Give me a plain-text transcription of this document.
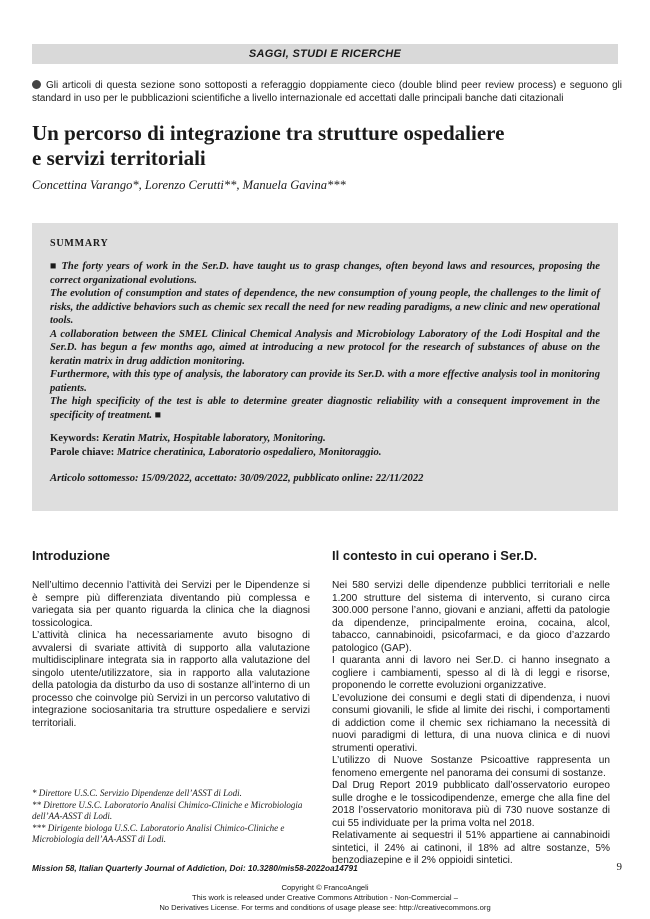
SAGGI, STUDI E RICERCHE
Gli articoli di questa sezione sono sottoposti a referaggio doppiamente cieco (double blind peer review process) e seguono gli standard in uso per le pubblicazioni scientifiche a livello internazionale ed accettati dalle principali banche dati citazionali
Un percorso di integrazione tra strutture ospedaliere
e servizi territoriali
Concettina Varango*, Lorenzo Cerutti**, Manuela Gavina***
SUMMARY

■ The forty years of work in the Ser.D. have taught us to grasp changes, often beyond laws and resources, proposing the correct organizational evolutions.

The evolution of consumption and states of dependence, the new consumption of young people, the challenges to the limit of risks, the addictive behaviors such as chemic sex recall the need for new reading paradigms, a new clinic and new operational tools.

A collaboration between the SMEL Clinical Chemical Analysis and Microbiology Laboratory of the Lodi Hospital and the Ser.D. has begun a few months ago, aimed at introducing a new protocol for the research of substances of abuse on the keratin matrix in drug addiction monitoring.

Furthermore, with this type of analysis, the laboratory can provide its Ser.D. with a more effective analysis tool in monitoring patients.

The high specificity of the test is able to determine greater diagnostic reliability with a consequent improvement in the specificity of treatment. ■

Keywords: Keratin Matrix, Hospitable laboratory, Monitoring.
Parole chiave: Matrice cheratinica, Laboratorio ospedaliero, Monitoraggio.
Articolo sottomesso: 15/09/2022, accettato: 30/09/2022, pubblicato online: 22/11/2022
Introduzione

Nell’ultimo decennio l’attività dei Servizi per le Dipendenze si è sempre più differenziata diventando più complessa e variegata sia per quanto riguarda la clinica che la diagnosi tossicologica.

L’attività clinica ha necessariamente avuto bisogno di avvalersi di svariate attività di supporto alla valutazione multidisciplinare integrata sia in rapporto alla valutazione del singolo utente/utilizzatore, sia in rapporto alla valutazione della patologia da disturbo da uso di sostanze all’interno di un processo che coinvolge più Servizi in un percorso valutativo di integrazione sociosanitaria tra strutture ospedaliere e servizi territoriali.

* Direttore U.S.C. Servizio Dipendenze dell’ASST di Lodi.

** Direttore U.S.C. Laboratorio Analisi Chimico-Cliniche e Microbiologia dell’AA-ASST di Lodi.

*** Dirigente biologa U.S.C. Laboratorio Analisi Chimico-Cliniche e Microbiologia dell’AA-ASST di Lodi.

Il contesto in cui operano i Ser.D.

Nei 580 servizi delle dipendenze pubblici territoriali e nelle 1.200 strutture del sistema di intervento, si curano circa 300.000 persone l’anno, giovani e anziani, affetti da patologie da dipendenze, principalmente eroina, cocaina, alcol, tabacco, cannabinoidi, psicofarmaci, e da gioco d’azzardo patologico (GAP).

I quaranta anni di lavoro nei Ser.D. ci hanno insegnato a cogliere i cambiamenti, spesso al di là di leggi e risorse, proponendo le corrette evoluzioni organizzative.

L’evoluzione dei consumi e degli stati di dipendenza, i nuovi consumi giovanili, le sfide al limite dei rischi, i comportamenti di addiction come il chemic sex richiamano la necessità di nuovi paradigmi di lettura, di una nuova clinica e di nuovi strumenti operativi.

L’utilizzo di Nuove Sostanze Psicoattive rappresenta un fenomeno emergente nel panorama dei consumi di sostanze.

Dal Drug Report 2019 pubblicato dall’osservatorio europeo sulle droghe e le tossicodipendenze, emerge che alla fine del 2018 l’osservatorio monitorava più di 730 nuove sostanze di cui 55 individuate per la prima volta nel 2018.

Relativamente ai sequestri il 51% appartiene ai cannabinoidi sintetici, il 24% ai catinoni, il 18% ad altre sostanze, 5% benzodiazepine e il 2% oppioidi sintetici.

Mission 58, Italian Quarterly Journal of Addiction, Doi: 10.3280/mis58-2022oa14791	9
Copyright © FrancoAngeli
This work is released under Creative Commons Attribution - Non-Commercial –
No Derivatives License. For terms and conditions of usage please see: http://creativecommons.org
